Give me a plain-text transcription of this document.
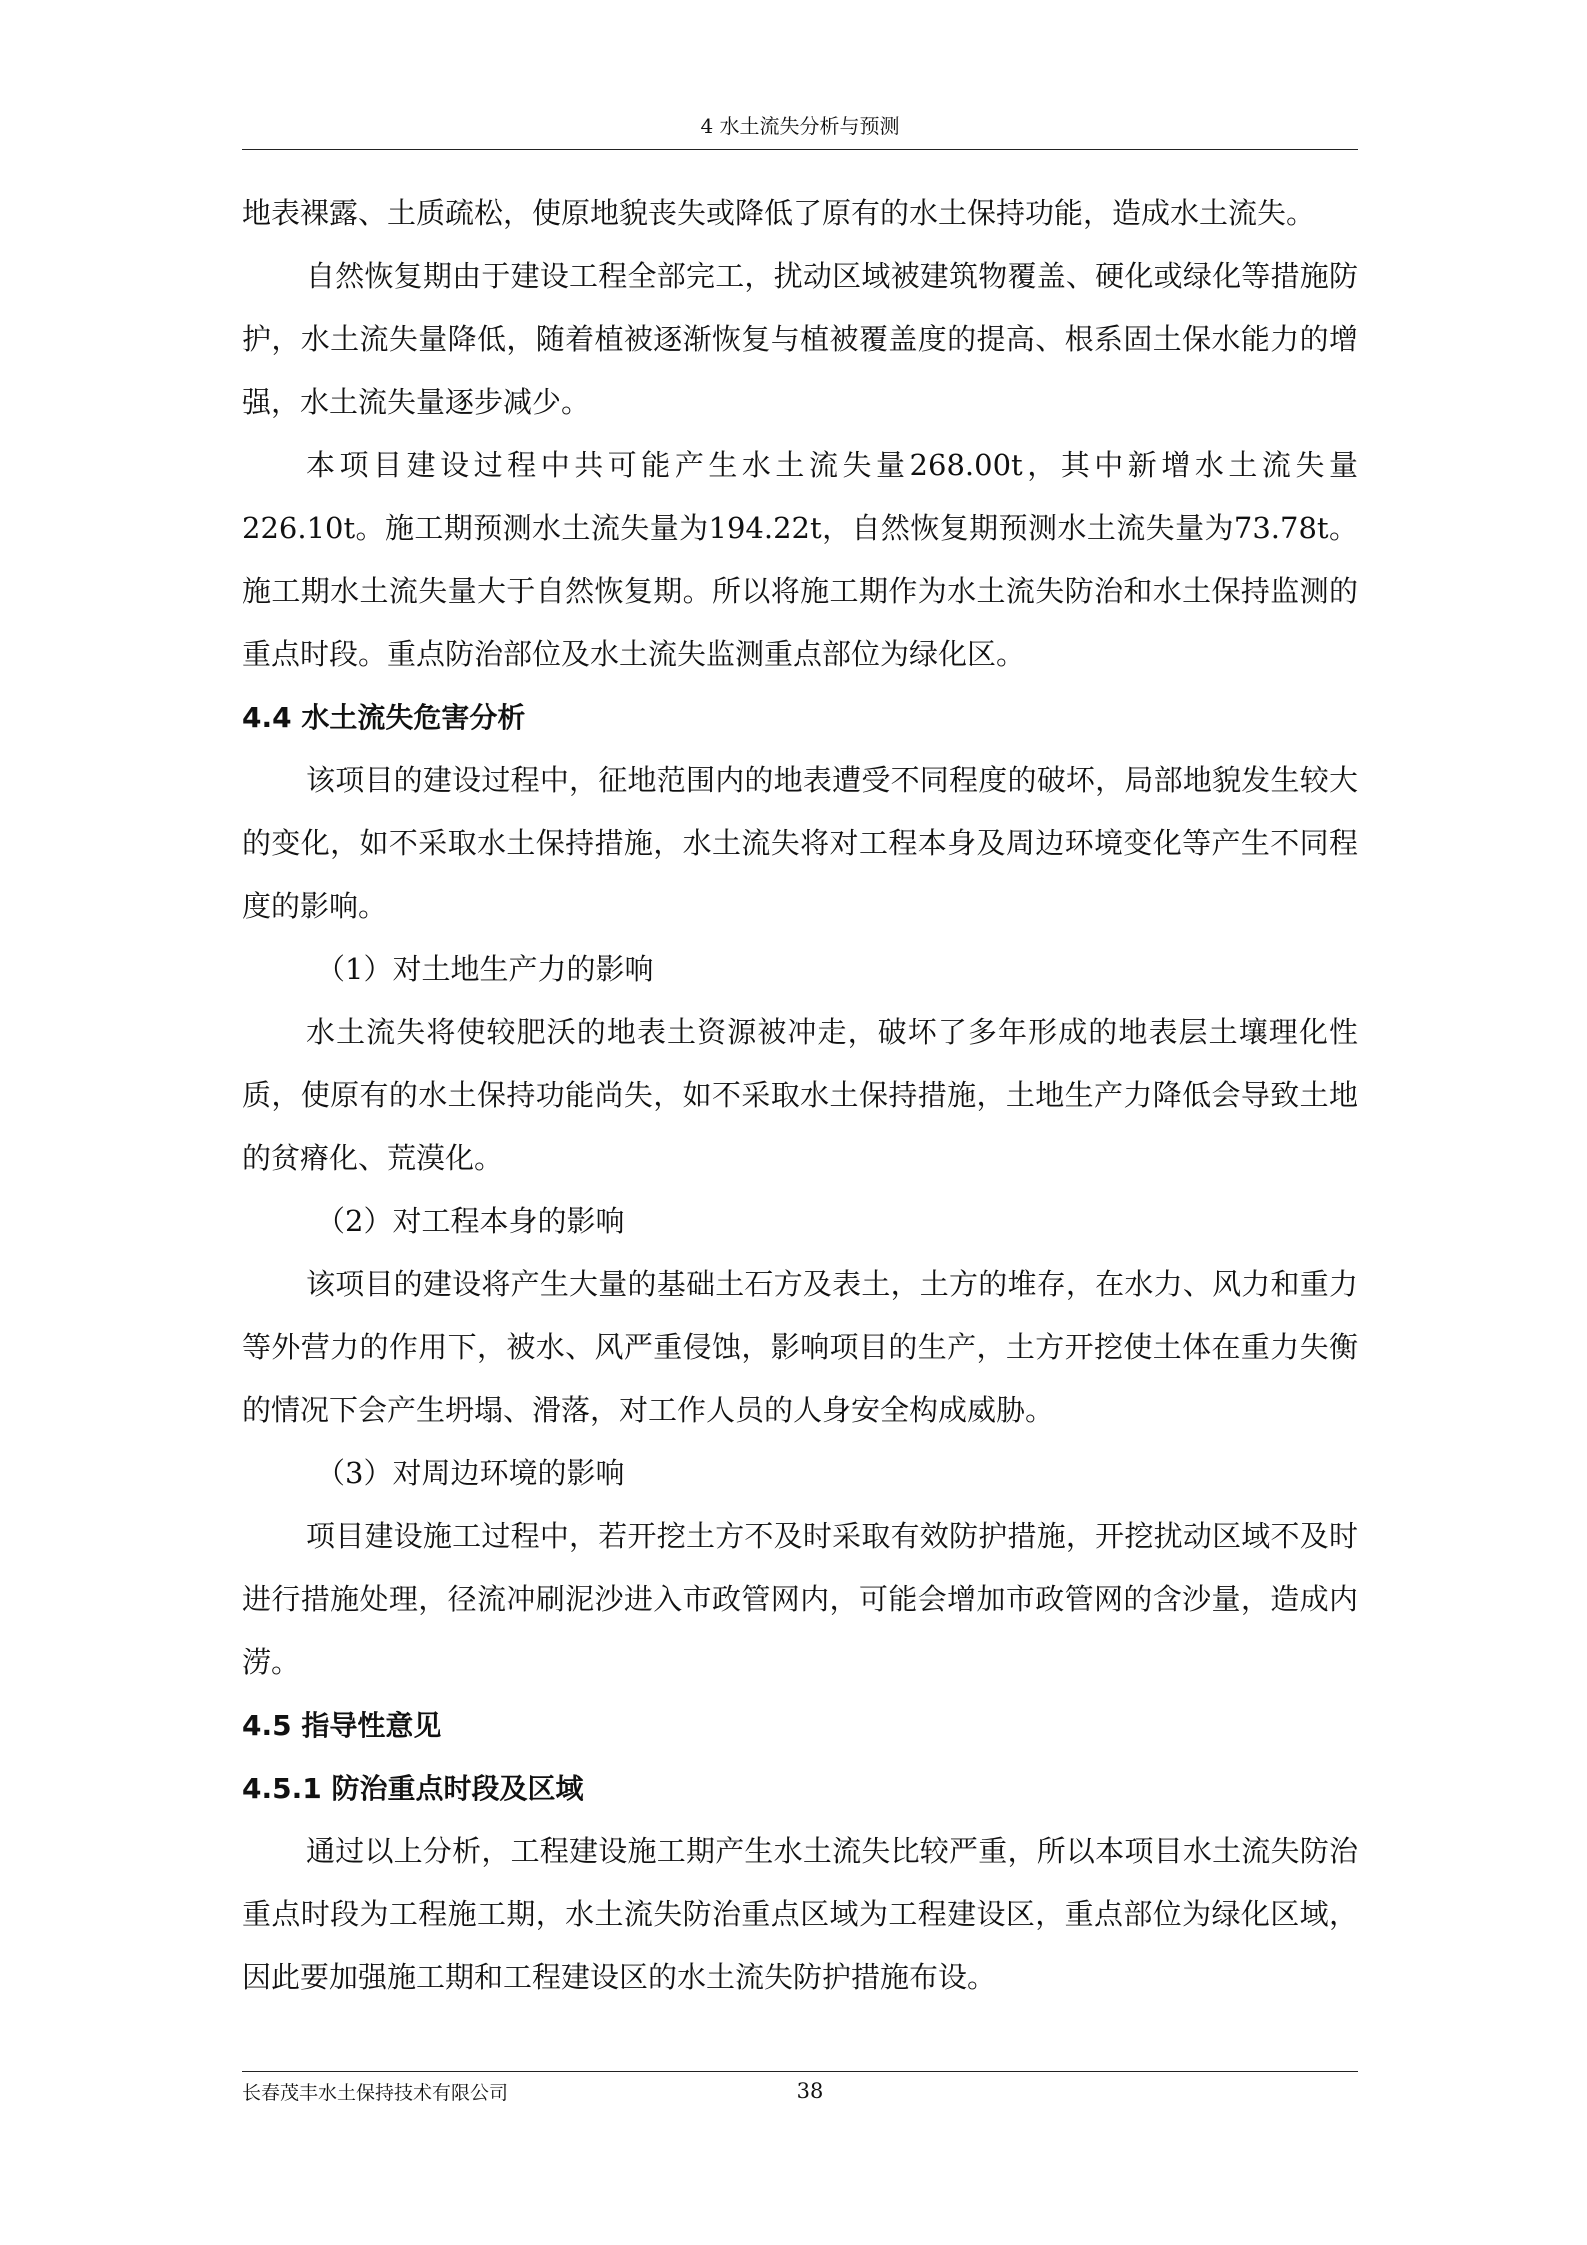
4 水土流失分析与预测

地表裸露、土质疏松，使原地貌丧失或降低了原有的水土保持功能，造成水土流失。

自然恢复期由于建设工程全部完工，扰动区域被建筑物覆盖、硬化或绿化等措施防护，水土流失量降低，随着植被逐渐恢复与植被覆盖度的提高、根系固土保水能力的增强，水土流失量逐步减少。

本项目建设过程中共可能产生水土流失量268.00t，其中新增水土流失量226.10t。施工期预测水土流失量为194.22t，自然恢复期预测水土流失量为73.78t。施工期水土流失量大于自然恢复期。所以将施工期作为水土流失防治和水土保持监测的重点时段。重点防治部位及水土流失监测重点部位为绿化区。

4.4 水土流失危害分析

该项目的建设过程中，征地范围内的地表遭受不同程度的破坏，局部地貌发生较大的变化，如不采取水土保持措施，水土流失将对工程本身及周边环境变化等产生不同程度的影响。

（1）对土地生产力的影响

水土流失将使较肥沃的地表土资源被冲走，破坏了多年形成的地表层土壤理化性质，使原有的水土保持功能尚失，如不采取水土保持措施，土地生产力降低会导致土地的贫瘠化、荒漠化。

（2）对工程本身的影响

该项目的建设将产生大量的基础土石方及表土，土方的堆存，在水力、风力和重力等外营力的作用下，被水、风严重侵蚀，影响项目的生产，土方开挖使土体在重力失衡的情况下会产生坍塌、滑落，对工作人员的人身安全构成威胁。

（3）对周边环境的影响

项目建设施工过程中，若开挖土方不及时采取有效防护措施，开挖扰动区域不及时进行措施处理，径流冲刷泥沙进入市政管网内，可能会增加市政管网的含沙量，造成内涝。

4.5 指导性意见

4.5.1 防治重点时段及区域

通过以上分析，工程建设施工期产生水土流失比较严重，所以本项目水土流失防治重点时段为工程施工期，水土流失防治重点区域为工程建设区，重点部位为绿化区域，因此要加强施工期和工程建设区的水土流失防护措施布设。

长春茂丰水土保持技术有限公司	38
